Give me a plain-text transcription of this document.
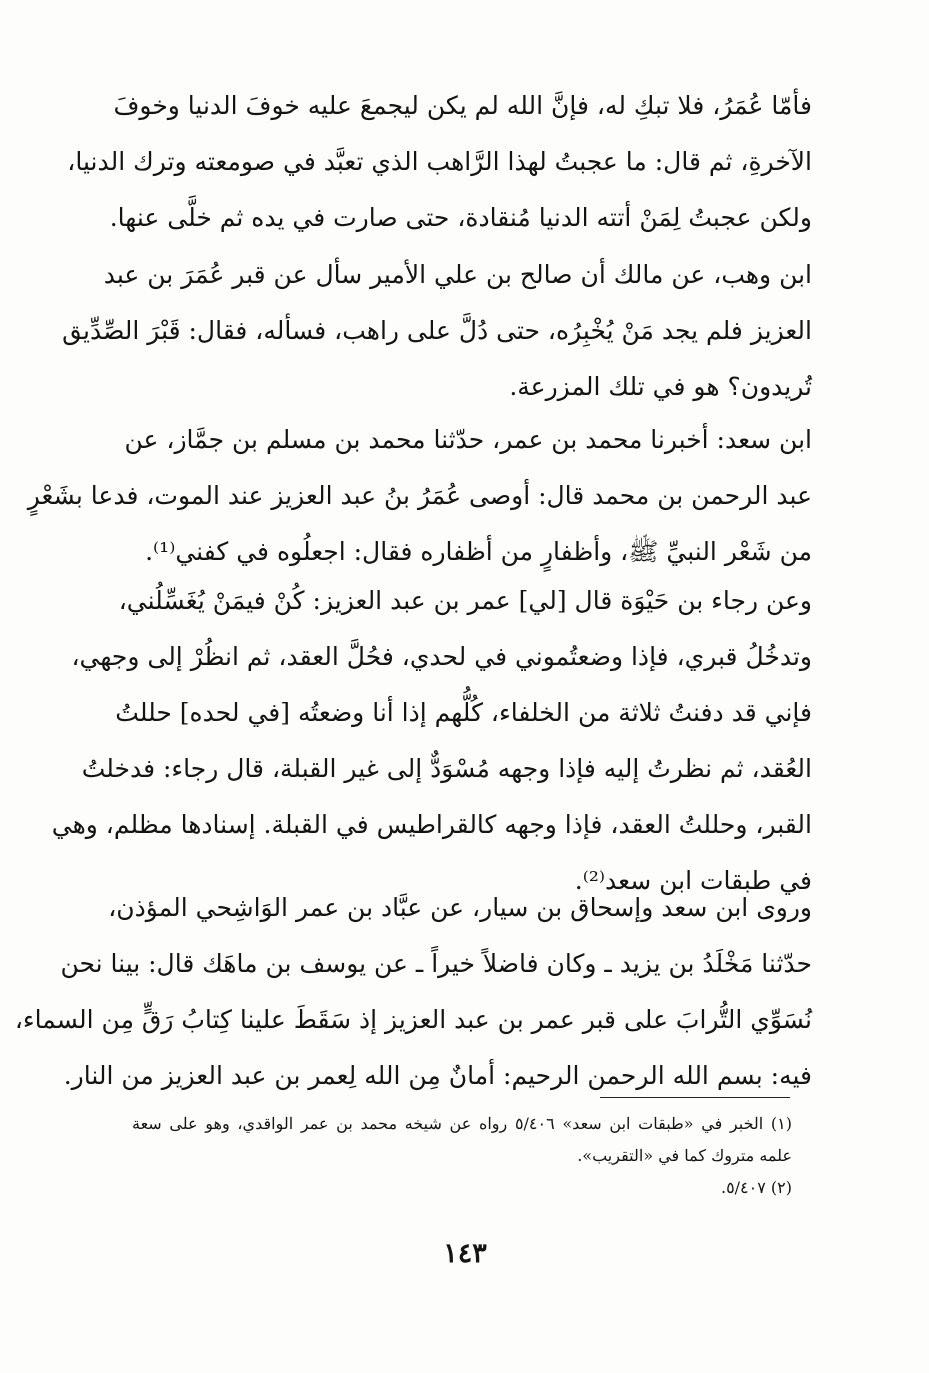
فأمّا عُمَرُ، فلا تبكِ له، فإنَّ الله لم يكن ليجمعَ عليه خوفَ الدنيا وخوفَ
الآخرةِ، ثم قال: ما عجبتُ لهذا الرَّاهب الذي تعبَّد في صومعته وترك الدنيا،
ولكن عجبتُ لِمَنْ أتته الدنيا مُنقادة، حتى صارت في يده ثم خلَّى عنها.
ابن وهب، عن مالك أن صالح بن علي الأمير سأل عن قبر عُمَرَ بن عبد
العزيز فلم يجد مَنْ يُخْبِرُه، حتى دُلَّ على راهب، فسأله، فقال: قَبْرَ الصِّدِّيق
تُريدون؟ هو في تلك المزرعة.
ابن سعد: أخبرنا محمد بن عمر، حدّثنا محمد بن مسلم بن جمَّاز، عن
عبد الرحمن بن محمد قال: أوصى عُمَرُ بنُ عبد العزيز عند الموت، فدعا بشَعْرٍ
من شَعْر النبيِّ ﷺ، وأظفارٍ من أظفاره فقال: اجعلُوه في كفني⁽¹⁾.
وعن رجاء بن حَيْوَة قال [لي] عمر بن عبد العزيز: كُنْ فيمَنْ يُغَسِّلُني،
وتدخُلُ قبري، فإذا وضعتُموني في لحدي، فحُلَّ العقد، ثم انظُرْ إلى وجهي،
فإني قد دفنتُ ثلاثة من الخلفاء، كُلُّهم إذا أنا وضعتُه [في لحده] حللتُ
العُقد، ثم نظرتُ إليه فإذا وجهه مُسْوَدٌّ إلى غير القبلة، قال رجاء: فدخلتُ
القبر، وحللتُ العقد، فإذا وجهه كالقراطيس في القبلة. إسنادها مظلم، وهي
في طبقات ابن سعد⁽²⁾.
وروى ابن سعد وإسحاق بن سيار، عن عبَّاد بن عمر الوَاشِحي المؤذن،
حدّثنا مَخْلَدُ بن يزيد ـ وكان فاضلاً خيراً ـ عن يوسف بن ماهَك قال: بينا نحن
نُسَوِّي التُّرابَ على قبر عمر بن عبد العزيز إذ سَقَطَ علينا كِتابُ رَقٍّ مِن السماء،
فيه: بسم الله الرحمن الرحيم: أمانٌ مِن الله لِعمر بن عبد العزيز من النار.
(١) الخبر في «طبقات ابن سعد» ٥/٤٠٦ رواه عن شيخه محمد بن عمر الواقدي، وهو على سعة
علمه متروك كما في «التقريب».
(٢) ٥/٤٠٧.
١٤٣
